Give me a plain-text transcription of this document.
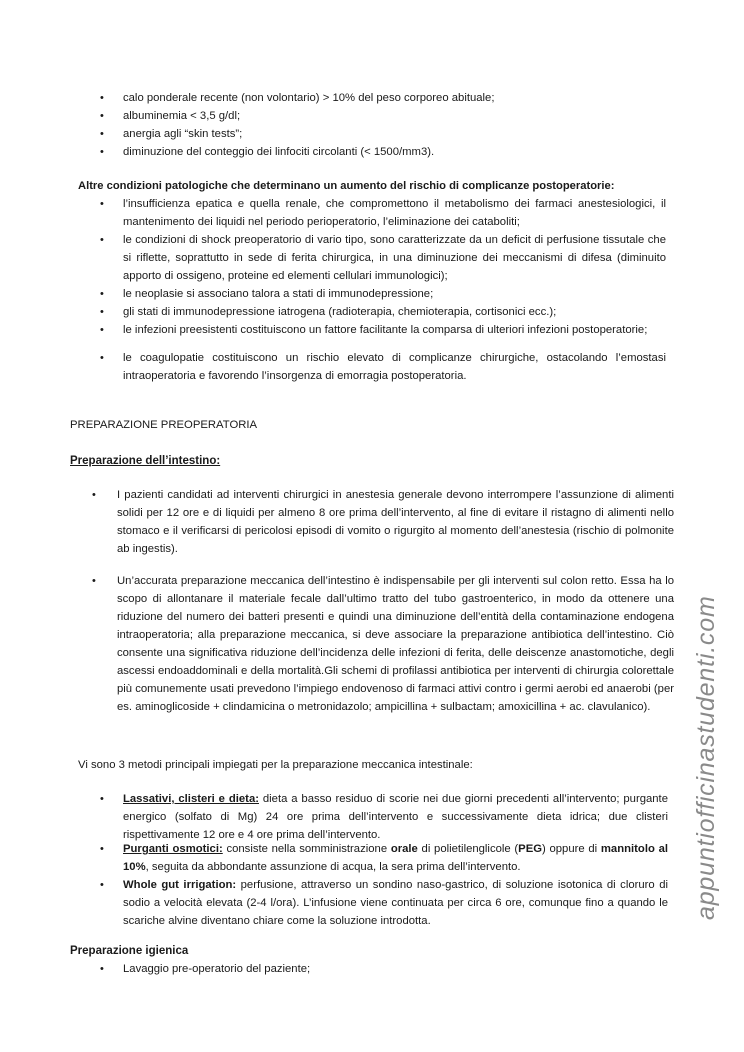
•	calo ponderale recente (non volontario) > 10% del peso corporeo abituale;
•	albuminemia < 3,5 g/dl;
•	anergia agli “skin tests”;
•	diminuzione del conteggio dei linfociti circolanti (< 1500/mm3).

Altre condizioni patologiche che determinano un aumento del rischio di complicanze postoperatorie:

•	l’insufficienza epatica e quella renale, che compromettono il metabolismo dei farmaci anestesiologici, il mantenimento dei liquidi nel periodo perioperatorio, l’eliminazione dei cataboliti;
•	le condizioni di shock preoperatorio di vario tipo, sono caratterizzate da un deficit di perfusione tissutale che si riflette, soprattutto in sede di ferita chirurgica, in una diminuzione dei meccanismi di difesa (diminuito apporto di ossigeno, proteine ed elementi cellulari immunologici);
•	le neoplasie si associano talora a stati di immunodepressione;
•	gli stati di immunodepressione iatrogena (radioterapia, chemioterapia, cortisonici ecc.);
•	le infezioni preesistenti costituiscono un fattore facilitante la comparsa di ulteriori infezioni postoperatorie;
•	le coagulopatie costituiscono un rischio elevato di complicanze chirurgiche, ostacolando l’emostasi intraoperatoria e favorendo l’insorgenza di emorragia postoperatoria.

PREPARAZIONE PREOPERATORIA

Preparazione dell’intestino:

•	I pazienti candidati ad interventi chirurgici in anestesia generale devono interrompere l’assunzione di alimenti solidi per 12 ore e di liquidi per almeno 8 ore prima dell’intervento, al fine di evitare il ristagno di alimenti nello stomaco e il verificarsi di pericolosi episodi di vomito o rigurgito al momento dell’anestesia (rischio di polmonite ab ingestis).
•	Un’accurata preparazione meccanica dell’intestino è indispensabile per gli interventi sul colon retto. Essa ha lo scopo di allontanare il materiale fecale dall’ultimo tratto del tubo gastroenterico, in modo da ottenere una riduzione del numero dei batteri presenti e quindi una diminuzione dell’entità della contaminazione endogena intraoperatoria; alla preparazione meccanica, si deve associare la preparazione antibiotica dell’intestino. Ciò consente una significativa riduzione dell’incidenza delle infezioni di ferita, delle deiscenze anastomotiche, degli ascessi endoaddominali e della mortalità.Gli schemi di profilassi antibiotica per interventi di chirurgia colorettale più comunemente usati prevedono l’impiego endovenoso di farmaci attivi contro i germi aerobi ed anaerobi (per es. aminoglicoside + clindamicina o metronidazolo; ampicillina + sulbactam; amoxicillina + ac. clavulanico).

Vi sono 3 metodi principali impiegati per la preparazione meccanica intestinale:

•	Lassativi, clisteri e dieta: dieta a basso residuo di scorie nei due giorni precedenti all’intervento; purgante energico (solfato di Mg) 24 ore prima dell’intervento e successivamente dieta idrica; due clisteri rispettivamente 12 ore e 4 ore prima dell’intervento.
•	Purganti osmotici: consiste nella somministrazione orale di polietilenglicole (PEG) oppure di mannitolo al 10%, seguita da abbondante assunzione di acqua, la sera prima dell’intervento.
•	Whole gut irrigation: perfusione, attraverso un sondino naso-gastrico, di soluzione isotonica di cloruro di sodio a velocità elevata (2-4 l/ora). L’infusione viene continuata per circa 6 ore, comunque fino a quando le scariche alvine diventano chiare come la soluzione introdotta.

Preparazione igienica

•	Lavaggio pre-operatorio del paziente;
appuntiofficinastudenti.com
